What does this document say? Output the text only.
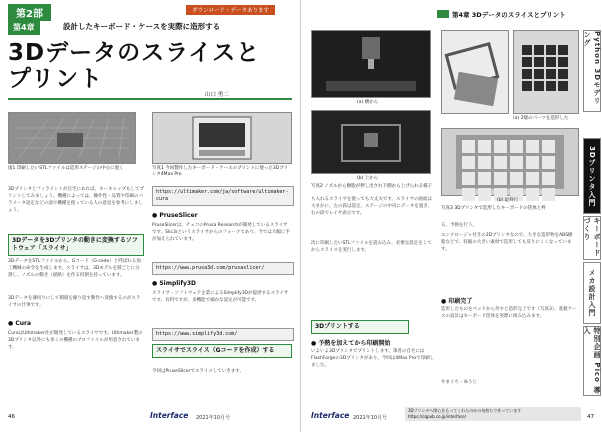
第2部	ダウンロード・データあります
第4章	設計したキーボード・ケースを実際に造形する
3Dデータのスライスと
プリント
山口 勇二
図1 印刷したいSTLファイルは造形ステージの中心に置く	写真1 今回製作したキーボード・ケースのプリントに使った3Dプリンタ4Max Pro
3Dプリンタとフィラメントが自宅にあれば、キーキャップもしてプリントしてみましょう。機種によっては、操作性・品質や印刷のパラメータ設定などの面で機種を使っている人の意見を参考にしましょう。
3Dデータを3Dプリンタの動きに変換するソフトウェア「スライサ」
3DデータをSTLファイルから、Gコード（G-code）と呼ばれる加工機械の命令を生成します。スライサは、3Dモデルを層ごとに分割し、ノズルの動き（経路）を作る役割を持っています。
3Dデータを薄切りにして積層を繰り返す動作へ変換するのがスライサの仕事です。
● Cura
CuraはUltimaker社が開発しているスライサです。Ultimaker製の3Dプリンタ以外にも多くの機種のプロファイルが用意されています。
https://ultimaker.com/ja/software/ultimaker-cura
● PruseSlicer
PruseSlicerは、チェコのPrusa Researchが開発しているスライサです。Slic3rというスライサからのフォークであり、今では大幅に手が加えられています。
https://www.prusa3d.com/prusaslicer/
● Simplify3D
スライサ・ソフトウェア企業によるSimplify3Dが提供するスライサです。有料ですが、多機能で細かな設定が可能です。
https://www.simplify3d.com/
スライサでスライス（Gコードを作成）する
今回はPruseSlicerでスライスしていきます。
46	Interface 2021年10月号
第4章 3Dデータのスライスとプリント
(a) 横から
(b) 上から
写真2 ノズルから樹脂が押し出され下側から上げられる様子
(a) 2層のパーツを造形した
(b) 最終行
写真3 3Dプリンタで造形したキーボードの筐体と枠
ち入れるスライサを使っても大丈夫です。スライサの画面は大まかに、左の段は設定、ステージの中央にデータを置き、右の段でレイヤ表示です。
次に印刷したいSTLファイルを読み込み、必要な設定をしてからスライスを実行します。
3Dプリントする
● 予熱を加えてから印刷開始
いよいよ3Dプリンタでプリントします。筆者の自宅にはFlashForgeの3Dプリンタがあり、今回は4Max Proで印刷しました。
る、予熱を行う。
エンクロージャ付きの3Dプリンタなので、大きな造形物をABS樹脂などで、収縮の大きい素材で造形しても反りにくくなっています。
● 印刷完了
造形したものをベッドから外すと造形完了です（写真3）。基板ケースの設計はキーボード筐体を実際に組み込みます。
やまぐち・ゆうじ
Interface 2021年10月号
3Dプリンタへ関心をもってくれたのかの気持ちで作っています
https://cqpub.co.jp/interface/	47
Python 3Dモデリング
3Dプリンタ入門
キーボードづくり
メカ設計入門
特別企画 Pico 導入
